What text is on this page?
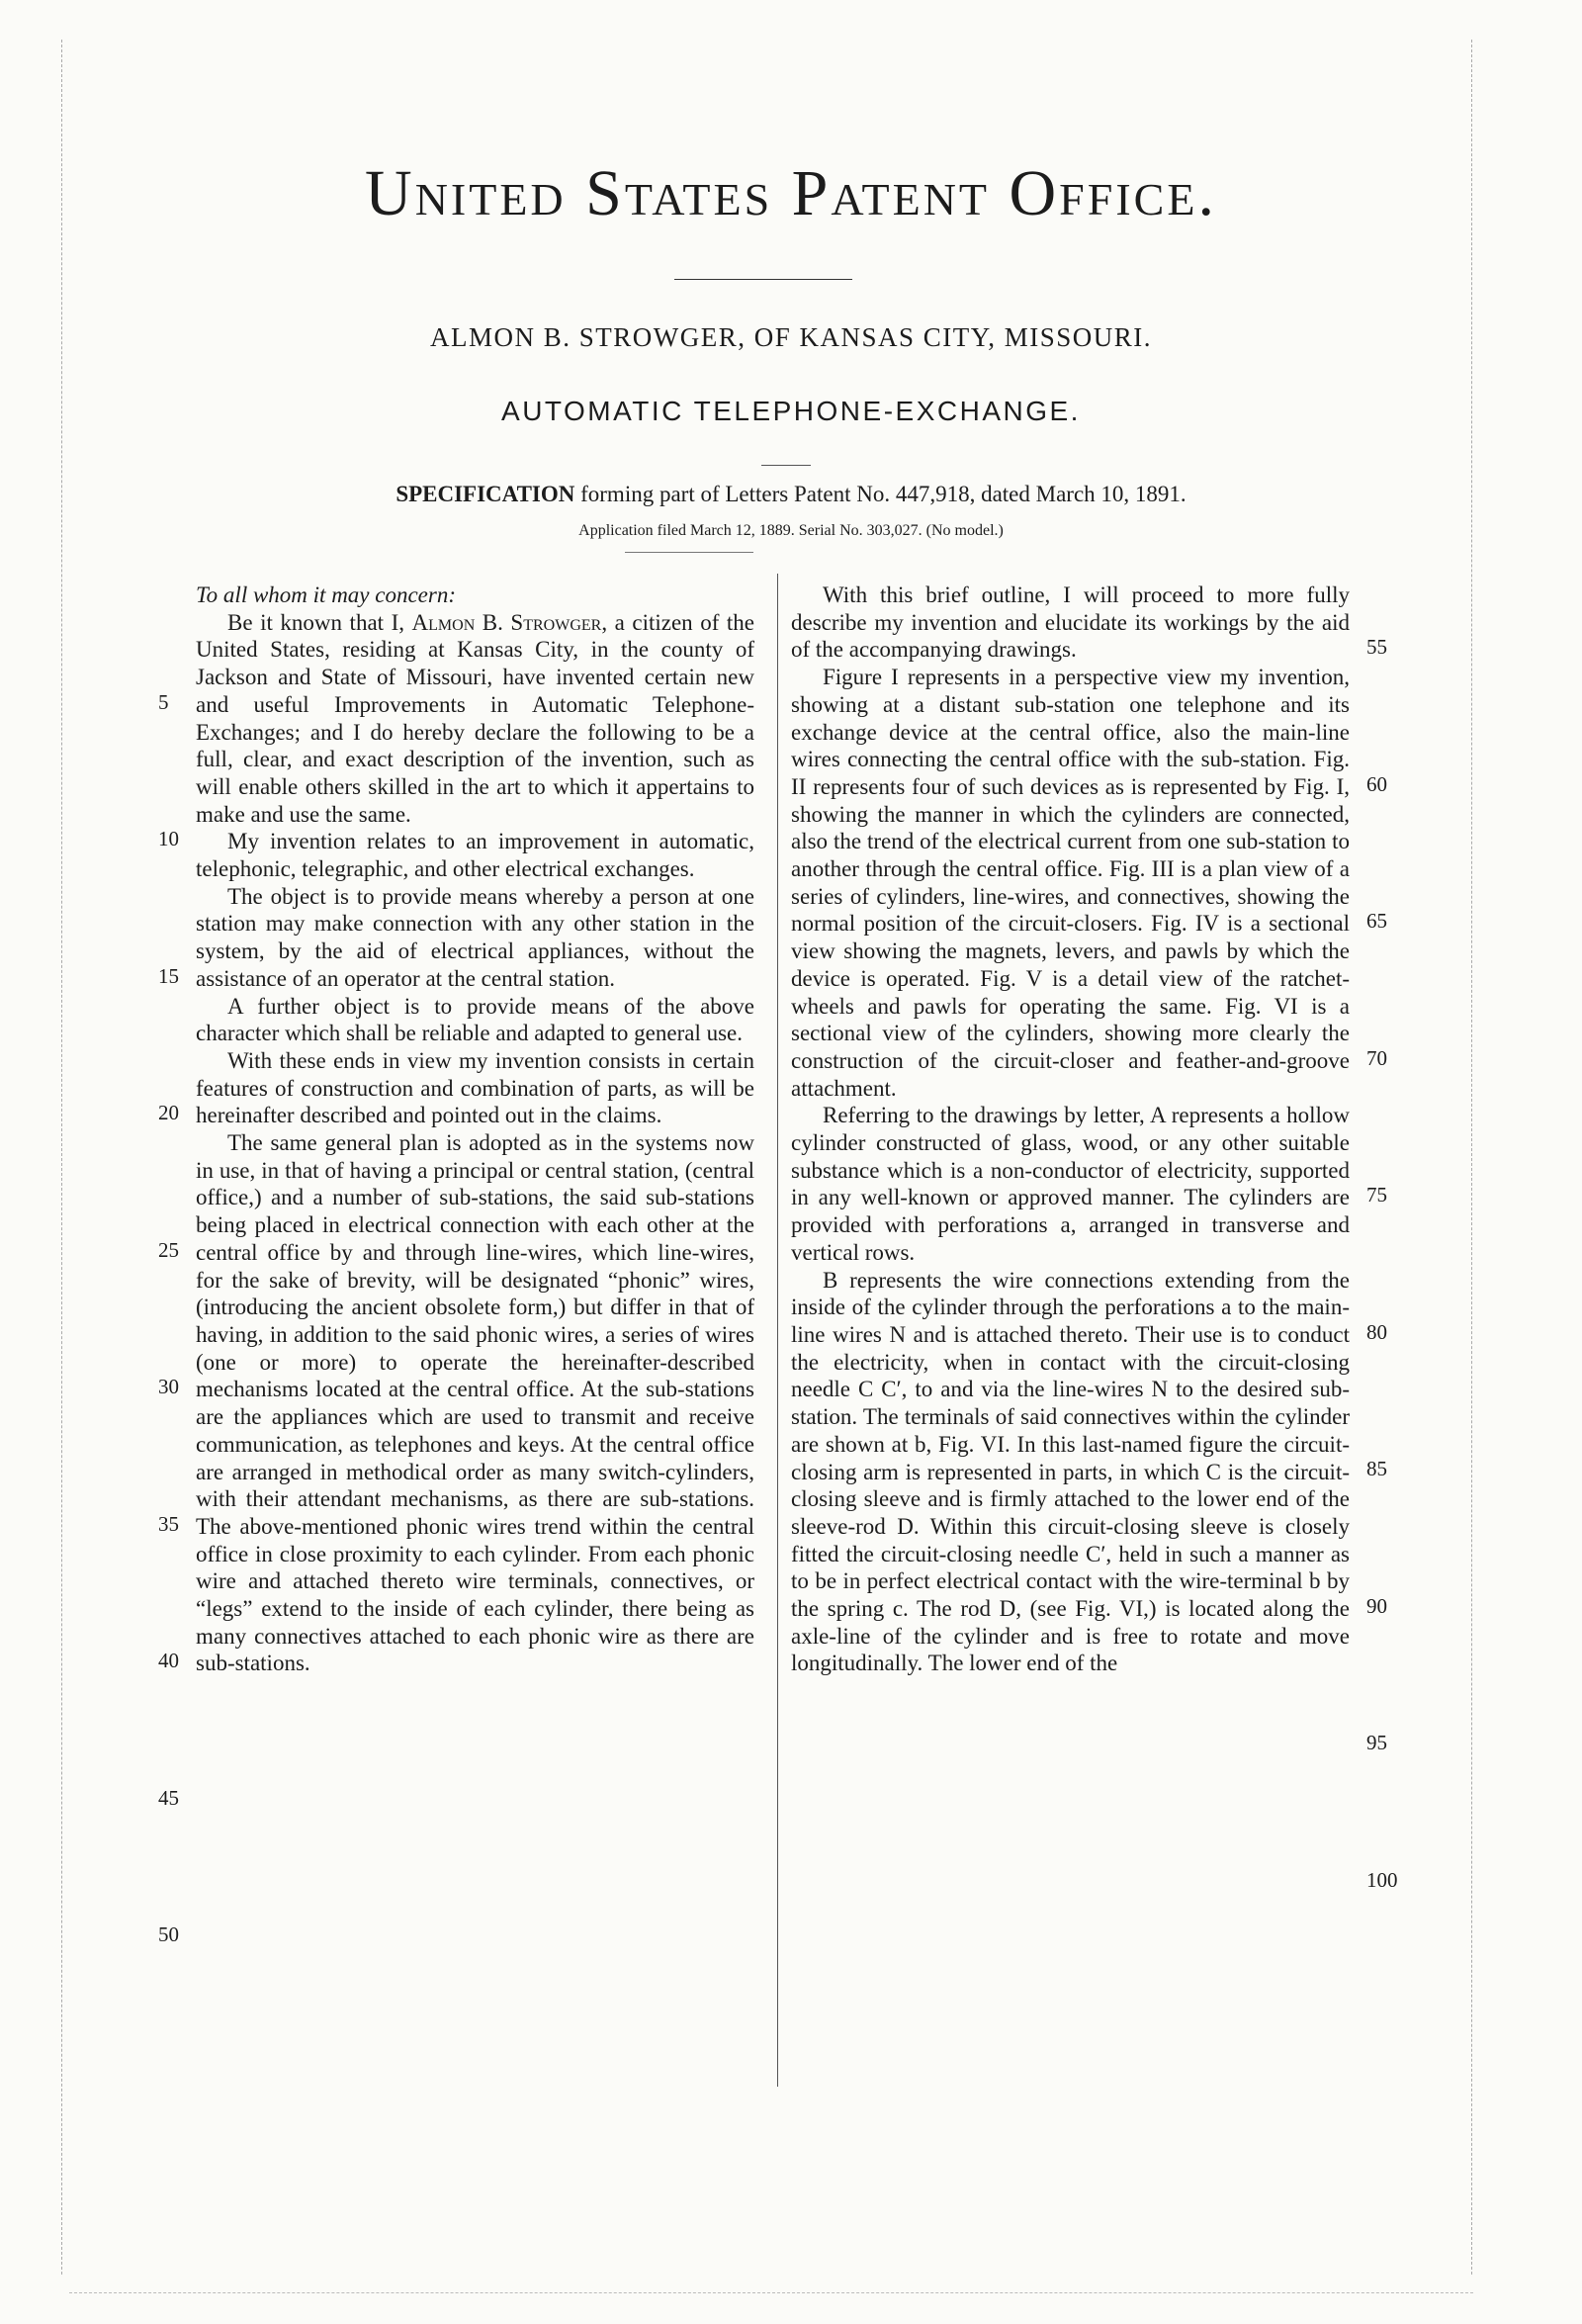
United States Patent Office.
ALMON B. STROWGER, OF KANSAS CITY, MISSOURI.
AUTOMATIC TELEPHONE-EXCHANGE.
SPECIFICATION forming part of Letters Patent No. 447,918, dated March 10, 1891.
Application filed March 12, 1889. Serial No. 303,027. (No model.)

To all whom it may concern:

Be it known that I, Almon B. Strowger, a citizen of the United States, residing at Kansas City, in the county of Jackson and State of Missouri, have invented certain new and useful Improvements in Automatic Telephone-Exchanges; and I do hereby declare the following to be a full, clear, and exact description of the invention, such as will enable others skilled in the art to which it appertains to make and use the same.

My invention relates to an improvement in automatic, telephonic, telegraphic, and other electrical exchanges.

The object is to provide means whereby a person at one station may make connection with any other station in the system, by the aid of electrical appliances, without the assistance of an operator at the central station.

A further object is to provide means of the above character which shall be reliable and adapted to general use.

With these ends in view my invention consists in certain features of construction and combination of parts, as will be hereinafter described and pointed out in the claims.

The same general plan is adopted as in the systems now in use, in that of having a principal or central station, (central office,) and a number of sub-stations, the said sub-stations being placed in electrical connection with each other at the central office by and through line-wires, which line-wires, for the sake of brevity, will be designated “phonic” wires, (introducing the ancient obsolete form,) but differ in that of having, in addition to the said phonic wires, a series of wires (one or more) to operate the hereinafter-described mechanisms located at the central office. At the sub-stations are the appliances which are used to transmit and receive communication, as telephones and keys. At the central office are arranged in methodical order as many switch-cylinders, with their attendant mechanisms, as there are sub-stations. The above-mentioned phonic wires trend within the central office in close proximity to each cylinder. From each phonic wire and attached thereto wire terminals, connectives, or “legs” extend to the inside of each cylinder, there being as many connectives attached to each phonic wire as there are sub-stations.

With this brief outline, I will proceed to more fully describe my invention and elucidate its workings by the aid of the accompanying drawings.

Figure I represents in a perspective view my invention, showing at a distant sub-station one telephone and its exchange device at the central office, also the main-line wires connecting the central office with the sub-station. Fig. II represents four of such devices as is represented by Fig. I, showing the manner in which the cylinders are connected, also the trend of the electrical current from one sub-station to another through the central office. Fig. III is a plan view of a series of cylinders, line-wires, and connectives, showing the normal position of the circuit-closers. Fig. IV is a sectional view showing the magnets, levers, and pawls by which the device is operated. Fig. V is a detail view of the ratchet-wheels and pawls for operating the same. Fig. VI is a sectional view of the cylinders, showing more clearly the construction of the circuit-closer and feather-and-groove attachment.

Referring to the drawings by letter, A represents a hollow cylinder constructed of glass, wood, or any other suitable substance which is a non-conductor of electricity, supported in any well-known or approved manner. The cylinders are provided with perforations a, arranged in transverse and vertical rows.

B represents the wire connections extending from the inside of the cylinder through the perforations a to the main-line wires N and is attached thereto. Their use is to conduct the electricity, when in contact with the circuit-closing needle C C′, to and via the line-wires N to the desired sub-station. The terminals of said connectives within the cylinder are shown at b, Fig. VI. In this last-named figure the circuit-closing arm is represented in parts, in which C is the circuit-closing sleeve and is firmly attached to the lower end of the sleeve-rod D. Within this circuit-closing sleeve is closely fitted the circuit-closing needle C′, held in such a manner as to be in perfect electrical contact with the wire-terminal b by the spring c. The rod D, (see Fig. VI,) is located along the axle-line of the cylinder and is free to rotate and move longitudinally. The lower end of the

5
10
15
20
25
30
35
40
45
50
55
60
65
70
75
80
85
90
95
100
